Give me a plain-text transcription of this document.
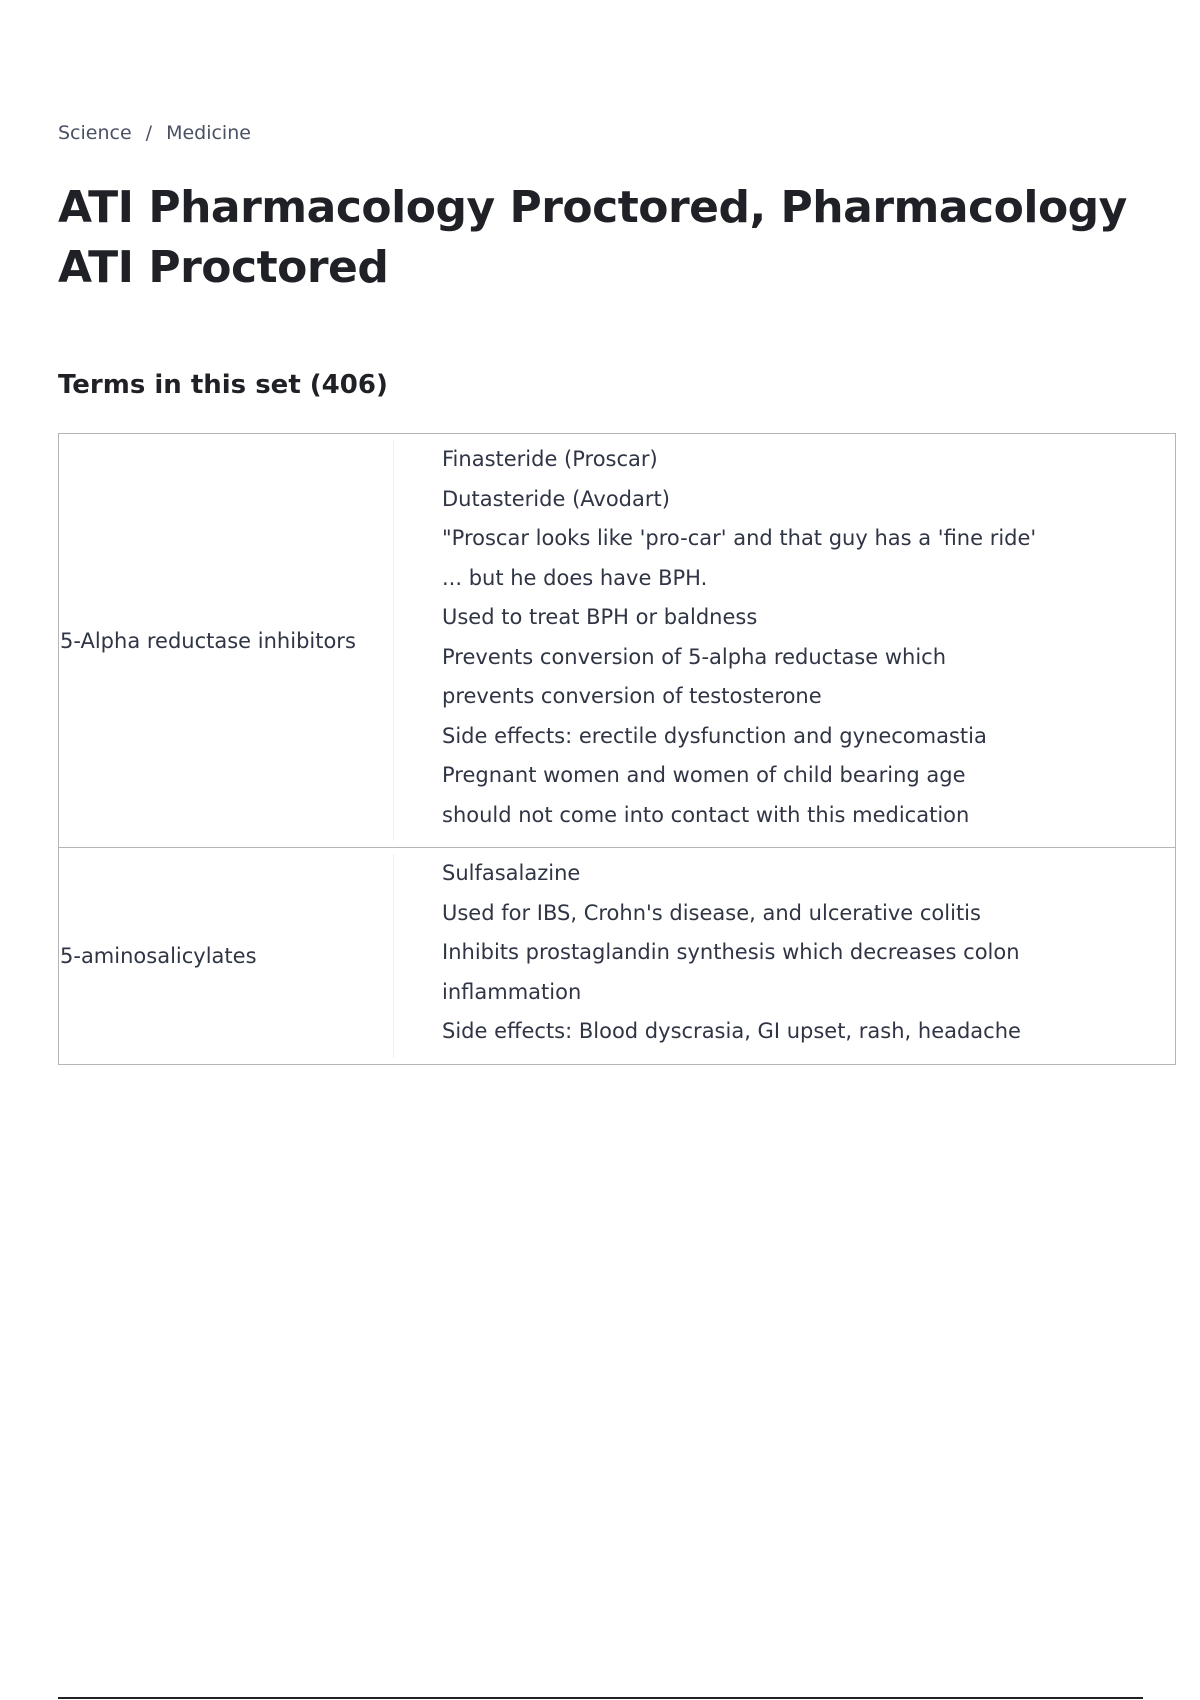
Science / Medicine
ATI Pharmacology Proctored, Pharmacology ATI Proctored
Terms in this set (406)
5-Alpha reductase inhibitors
Finasteride (Proscar)
Dutasteride (Avodart)
"Proscar looks like 'pro-car' and that guy has a 'fine ride'
... but he does have BPH.
Used to treat BPH or baldness
Prevents conversion of 5-alpha reductase which
prevents conversion of testosterone
Side effects: erectile dysfunction and gynecomastia
Pregnant women and women of child bearing age
should not come into contact with this medication
5-aminosalicylates
Sulfasalazine
Used for IBS, Crohn's disease, and ulcerative colitis
Inhibits prostaglandin synthesis which decreases colon
inflammation
Side effects: Blood dyscrasia, GI upset, rash, headache
